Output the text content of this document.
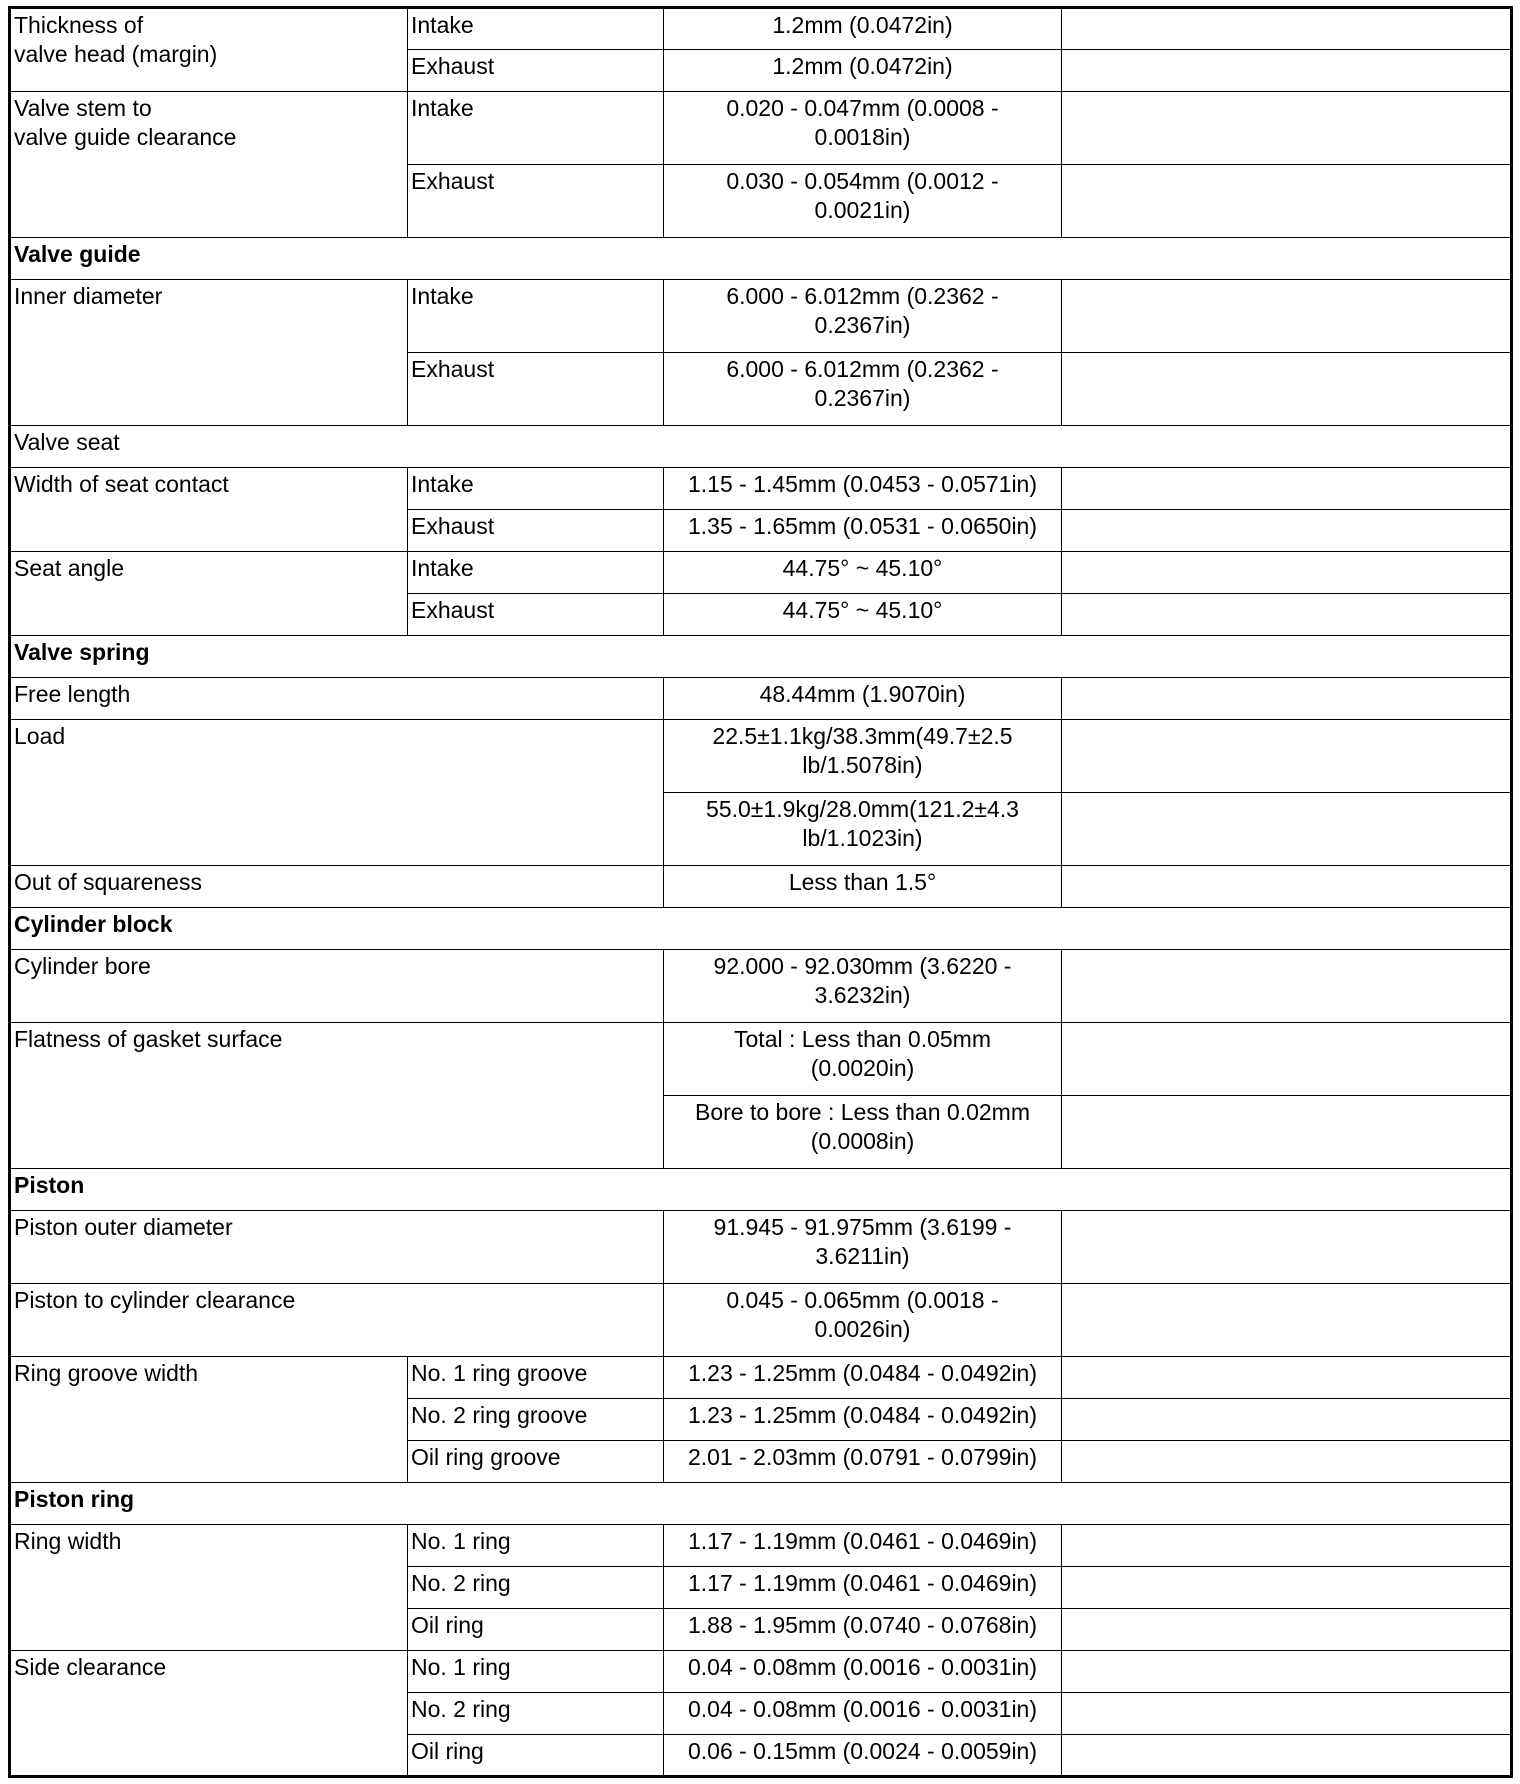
Thickness of
valve head (margin)	Intake	1.2mm (0.0472in)	
	Exhaust	1.2mm (0.0472in)	
Valve stem to
valve guide clearance	Intake	0.020 - 0.047mm (0.0008 -
0.0018in)	
	Exhaust	0.030 - 0.054mm (0.0012 -
0.0021in)	
Valve guide			
Inner diameter	Intake	6.000 - 6.012mm (0.2362 -
0.2367in)	
	Exhaust	6.000 - 6.012mm (0.2362 -
0.2367in)	
Valve seat			
Width of seat contact	Intake	1.15 - 1.45mm (0.0453 - 0.0571in)	
	Exhaust	1.35 - 1.65mm (0.0531 - 0.0650in)	
Seat angle	Intake	44.75° ~ 45.10°	
	Exhaust	44.75° ~ 45.10°	
Valve spring			
Free length		48.44mm (1.9070in)	
Load		22.5±1.1kg/38.3mm(49.7±2.5
lb/1.5078in)	
		55.0±1.9kg/28.0mm(121.2±4.3
lb/1.1023in)	
Out of squareness		Less than 1.5°	
Cylinder block			
Cylinder bore		92.000 - 92.030mm (3.6220 -
3.6232in)	
Flatness of gasket surface		Total : Less than 0.05mm
(0.0020in)	
		Bore to bore : Less than 0.02mm
(0.0008in)	
Piston			
Piston outer diameter		91.945 - 91.975mm (3.6199 -
3.6211in)	
Piston to cylinder clearance		0.045 - 0.065mm (0.0018 -
0.0026in)	
Ring groove width	No. 1 ring groove	1.23 - 1.25mm (0.0484 - 0.0492in)	
	No. 2 ring groove	1.23 - 1.25mm (0.0484 - 0.0492in)	
	Oil ring groove	2.01 - 2.03mm (0.0791 - 0.0799in)	
Piston ring			
Ring width	No. 1 ring	1.17 - 1.19mm (0.0461 - 0.0469in)	
	No. 2 ring	1.17 - 1.19mm (0.0461 - 0.0469in)	
	Oil ring	1.88 - 1.95mm (0.0740 - 0.0768in)	
Side clearance	No. 1 ring	0.04 - 0.08mm (0.0016 - 0.0031in)	
	No. 2 ring	0.04 - 0.08mm (0.0016 - 0.0031in)	
	Oil ring	0.06 - 0.15mm (0.0024 - 0.0059in)	
